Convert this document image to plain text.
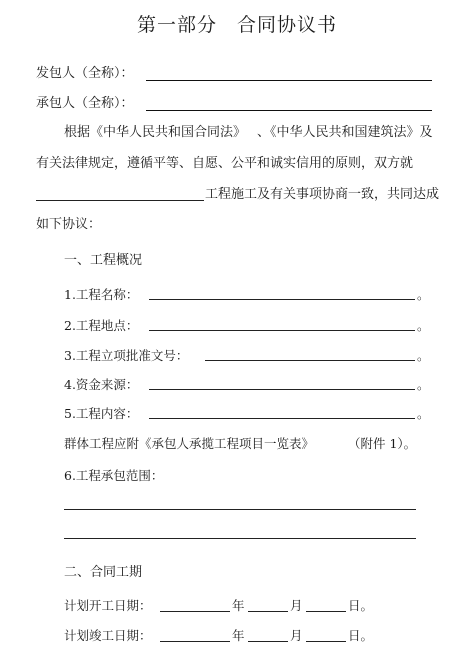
第一部分　合同协议书
发包人（全称）：
承包人（全称）：
根据《中华人民共和国合同法》 、《中华人民共和国建筑法》及
有关法律规定，遵循平等、自愿、公平和诚实信用的原则，双方就
工程施工及有关事项协商一致，共同达成
如下协议：
一、工程概况
1.工程名称：	。
2.工程地点：	。
3.工程立项批准文号：	。
4.资金来源：	。
5.工程内容：	。
群体工程应附《承包人承揽工程项目一览表》	（附件 1）。
6.工程承包范围：
二、合同工期
计划开工日期：	年	月	日。
计划竣工日期：	年	月	日。
